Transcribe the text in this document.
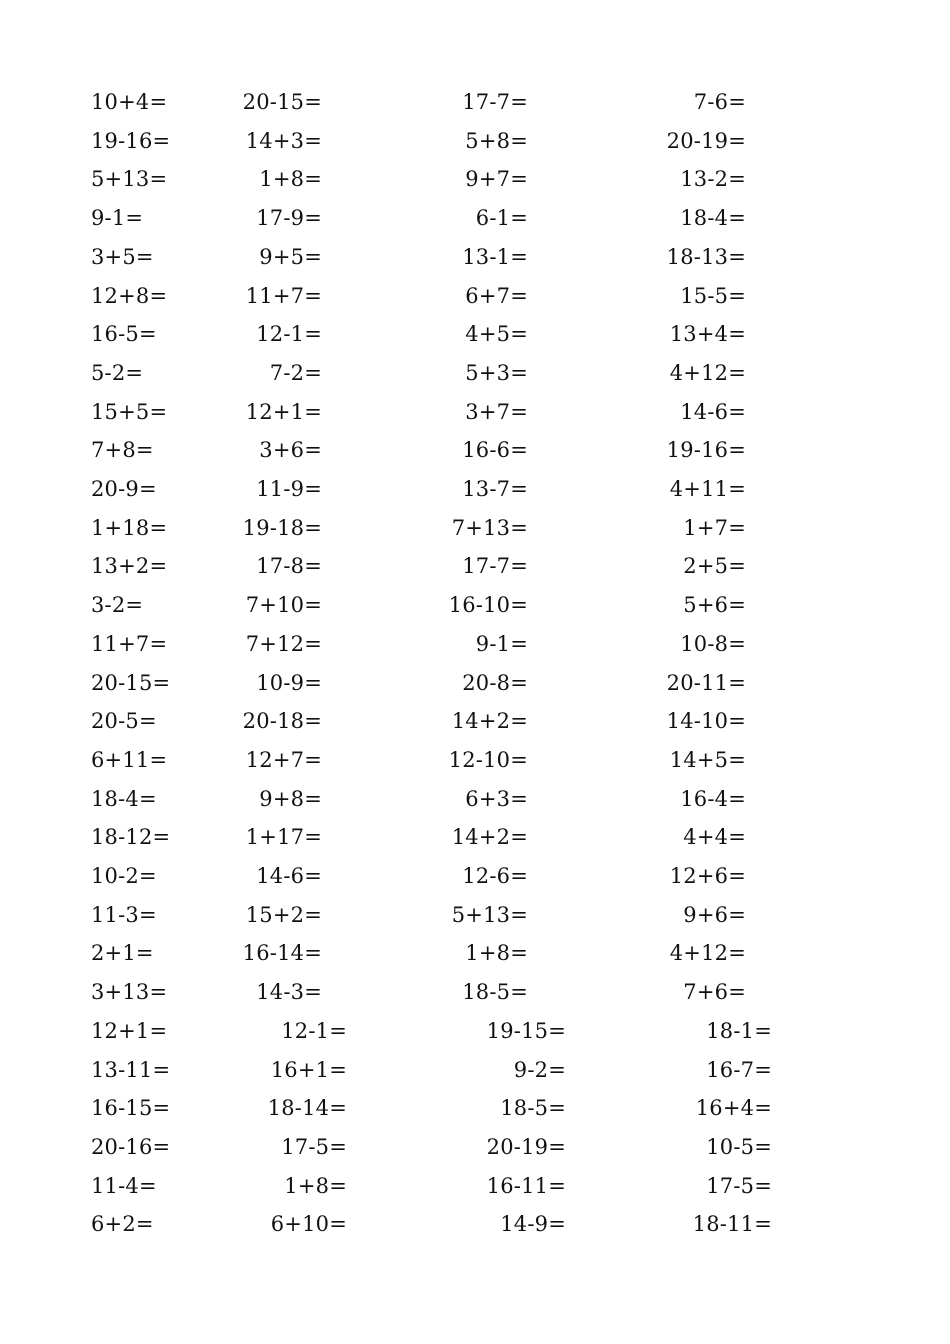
10+4=	20-15=	17-7=	7-6=
19-16=	14+3=	5+8=	20-19=
5+13=	1+8=	9+7=	13-2=
9-1=	17-9=	6-1=	18-4=
3+5=	9+5=	13-1=	18-13=
12+8=	11+7=	6+7=	15-5=
16-5=	12-1=	4+5=	13+4=
5-2=	7-2=	5+3=	4+12=
15+5=	12+1=	3+7=	14-6=
7+8=	3+6=	16-6=	19-16=
20-9=	11-9=	13-7=	4+11=
1+18=	19-18=	7+13=	1+7=
13+2=	17-8=	17-7=	2+5=
3-2=	7+10=	16-10=	5+6=
11+7=	7+12=	9-1=	10-8=
20-15=	10-9=	20-8=	20-11=
20-5=	20-18=	14+2=	14-10=
6+11=	12+7=	12-10=	14+5=
18-4=	9+8=	6+3=	16-4=
18-12=	1+17=	14+2=	4+4=
10-2=	14-6=	12-6=	12+6=
11-3=	15+2=	5+13=	9+6=
2+1=	16-14=	1+8=	4+12=
3+13=	14-3=	18-5=	7+6=
12+1=	12-1=	19-15=	18-1=
13-11=	16+1=	9-2=	16-7=
16-15=	18-14=	18-5=	16+4=
20-16=	17-5=	20-19=	10-5=
11-4=	1+8=	16-11=	17-5=
6+2=	6+10=	14-9=	18-11=
